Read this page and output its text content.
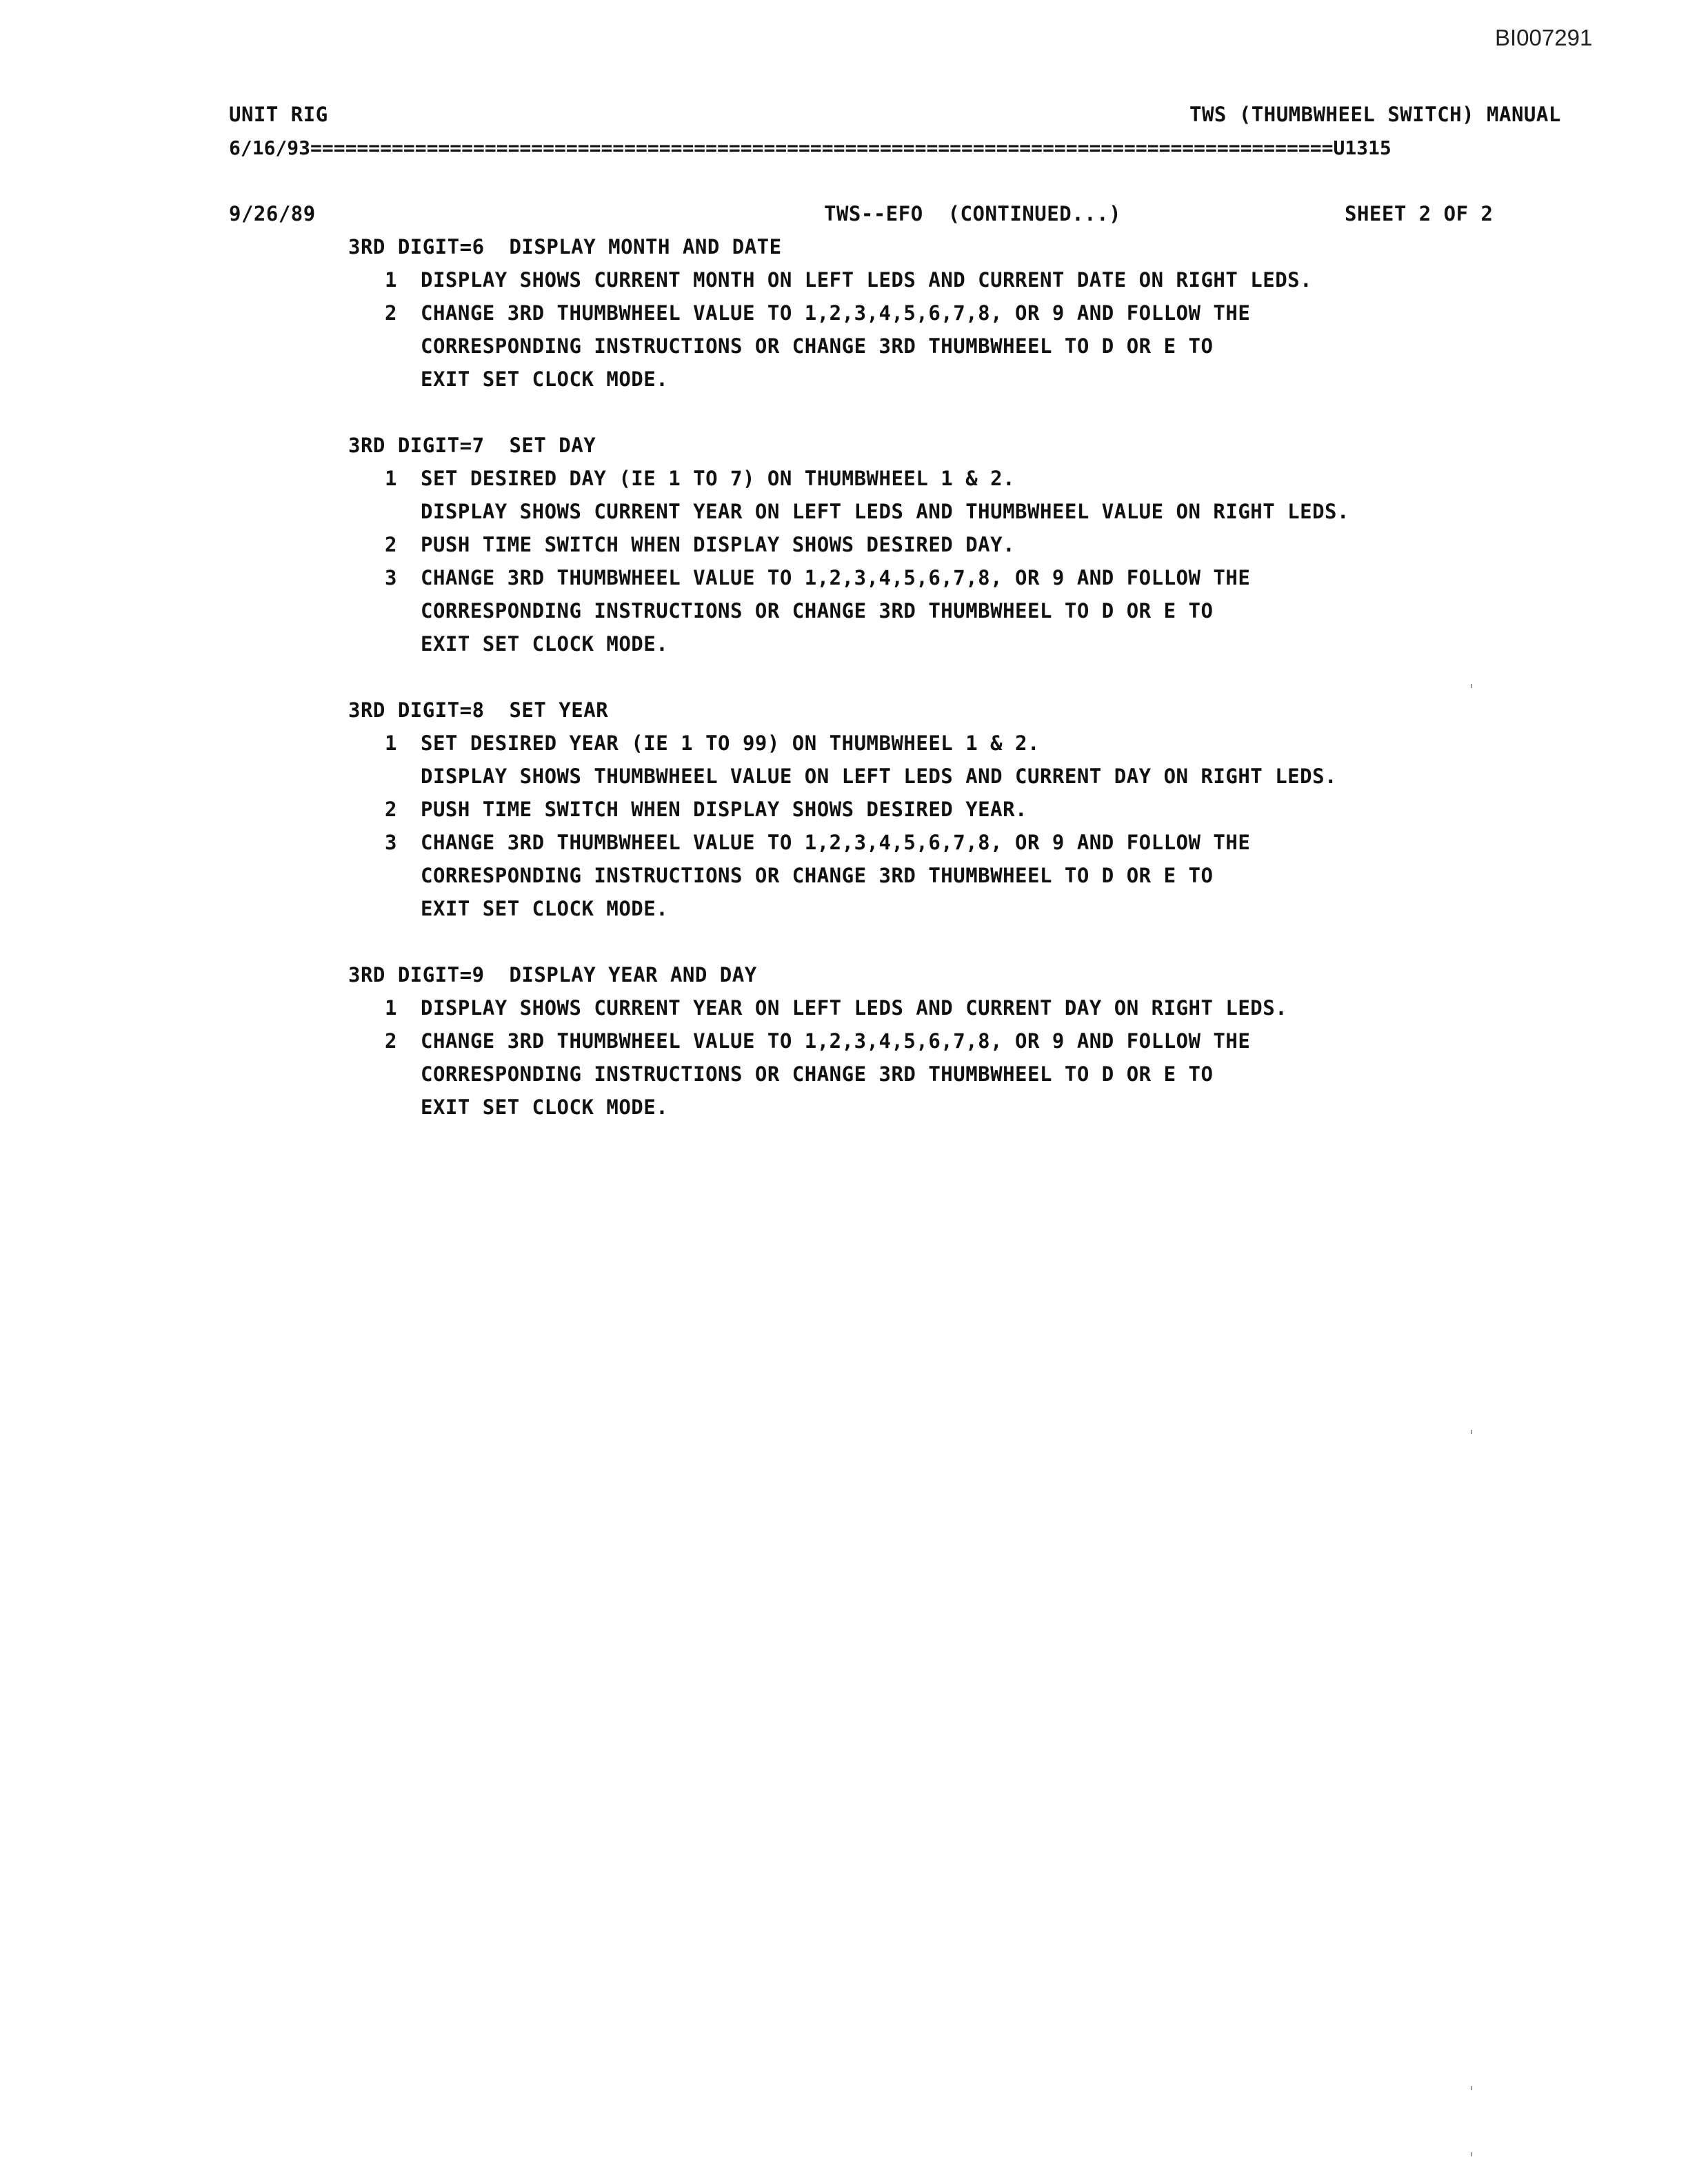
BI007291
UNIT RIG	TWS (THUMBWHEEL SWITCH) MANUAL
6/16/93========================================================================================U1315
9/26/89	TWS--EFO  (CONTINUED...)	SHEET 2 OF 2
3RD DIGIT=6  DISPLAY MONTH AND DATE
1 DISPLAY SHOWS CURRENT MONTH ON LEFT LEDS AND CURRENT DATE ON RIGHT LEDS.
2 CHANGE 3RD THUMBWHEEL VALUE TO 1,2,3,4,5,6,7,8, OR 9 AND FOLLOW THE
CORRESPONDING INSTRUCTIONS OR CHANGE 3RD THUMBWHEEL TO D OR E TO
EXIT SET CLOCK MODE.
3RD DIGIT=7  SET DAY
1 SET DESIRED DAY (IE 1 TO 7) ON THUMBWHEEL 1 & 2.
DISPLAY SHOWS CURRENT YEAR ON LEFT LEDS AND THUMBWHEEL VALUE ON RIGHT LEDS.
2 PUSH TIME SWITCH WHEN DISPLAY SHOWS DESIRED DAY.
3 CHANGE 3RD THUMBWHEEL VALUE TO 1,2,3,4,5,6,7,8, OR 9 AND FOLLOW THE
CORRESPONDING INSTRUCTIONS OR CHANGE 3RD THUMBWHEEL TO D OR E TO
EXIT SET CLOCK MODE.
3RD DIGIT=8  SET YEAR
1 SET DESIRED YEAR (IE 1 TO 99) ON THUMBWHEEL 1 & 2.
DISPLAY SHOWS THUMBWHEEL VALUE ON LEFT LEDS AND CURRENT DAY ON RIGHT LEDS.
2 PUSH TIME SWITCH WHEN DISPLAY SHOWS DESIRED YEAR.
3 CHANGE 3RD THUMBWHEEL VALUE TO 1,2,3,4,5,6,7,8, OR 9 AND FOLLOW THE
CORRESPONDING INSTRUCTIONS OR CHANGE 3RD THUMBWHEEL TO D OR E TO
EXIT SET CLOCK MODE.
3RD DIGIT=9  DISPLAY YEAR AND DAY
1 DISPLAY SHOWS CURRENT YEAR ON LEFT LEDS AND CURRENT DAY ON RIGHT LEDS.
2 CHANGE 3RD THUMBWHEEL VALUE TO 1,2,3,4,5,6,7,8, OR 9 AND FOLLOW THE
CORRESPONDING INSTRUCTIONS OR CHANGE 3RD THUMBWHEEL TO D OR E TO
EXIT SET CLOCK MODE.
